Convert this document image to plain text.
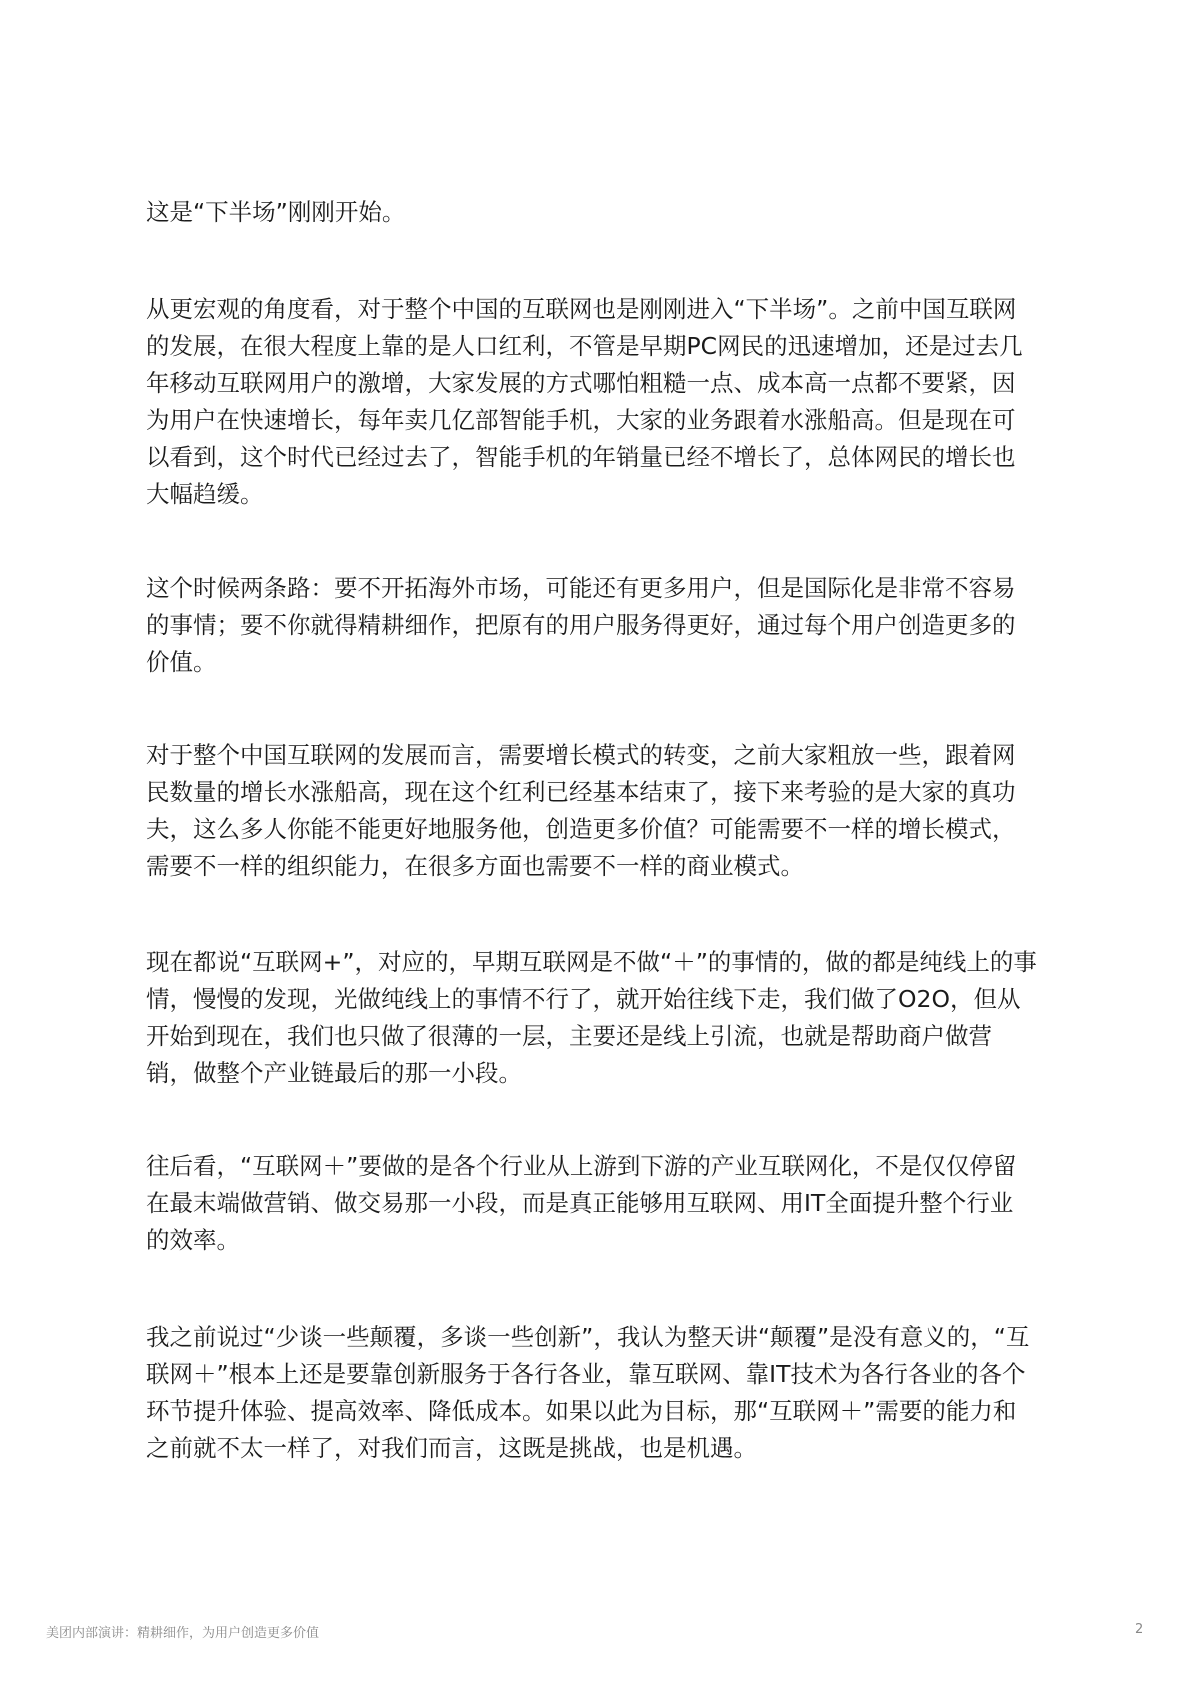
这是“下半场”刚刚开始。
从更宏观的角度看，对于整个中国的互联网也是刚刚进入“下半场”。之前中国互联网
的发展，在很大程度上靠的是人口红利，不管是早期PC网民的迅速增加，还是过去几
年移动互联网用户的激增，大家发展的方式哪怕粗糙一点、成本高一点都不要紧，因
为用户在快速增长，每年卖几亿部智能手机，大家的业务跟着水涨船高。但是现在可
以看到，这个时代已经过去了，智能手机的年销量已经不增长了，总体网民的增长也
大幅趋缓。
这个时候两条路：要不开拓海外市场，可能还有更多用户，但是国际化是非常不容易
的事情；要不你就得精耕细作，把原有的用户服务得更好，通过每个用户创造更多的
价值。
对于整个中国互联网的发展而言，需要增长模式的转变，之前大家粗放一些，跟着网
民数量的增长水涨船高，现在这个红利已经基本结束了，接下来考验的是大家的真功
夫，这么多人你能不能更好地服务他，创造更多价值？可能需要不一样的增长模式，
需要不一样的组织能力，在很多方面也需要不一样的商业模式。
现在都说“互联网+”，对应的，早期互联网是不做“＋”的事情的，做的都是纯线上的事
情，慢慢的发现，光做纯线上的事情不行了，就开始往线下走，我们做了O2O，但从
开始到现在，我们也只做了很薄的一层，主要还是线上引流，也就是帮助商户做营
销，做整个产业链最后的那一小段。
往后看，“互联网＋”要做的是各个行业从上游到下游的产业互联网化，不是仅仅停留
在最末端做营销、做交易那一小段，而是真正能够用互联网、用IT全面提升整个行业
的效率。
我之前说过“少谈一些颠覆，多谈一些创新”，我认为整天讲“颠覆”是没有意义的，“互
联网＋”根本上还是要靠创新服务于各行各业，靠互联网、靠IT技术为各行各业的各个
环节提升体验、提高效率、降低成本。如果以此为目标，那“互联网＋”需要的能力和
之前就不太一样了，对我们而言，这既是挑战，也是机遇。
美团内部演讲：精耕细作，为用户创造更多价值	2
